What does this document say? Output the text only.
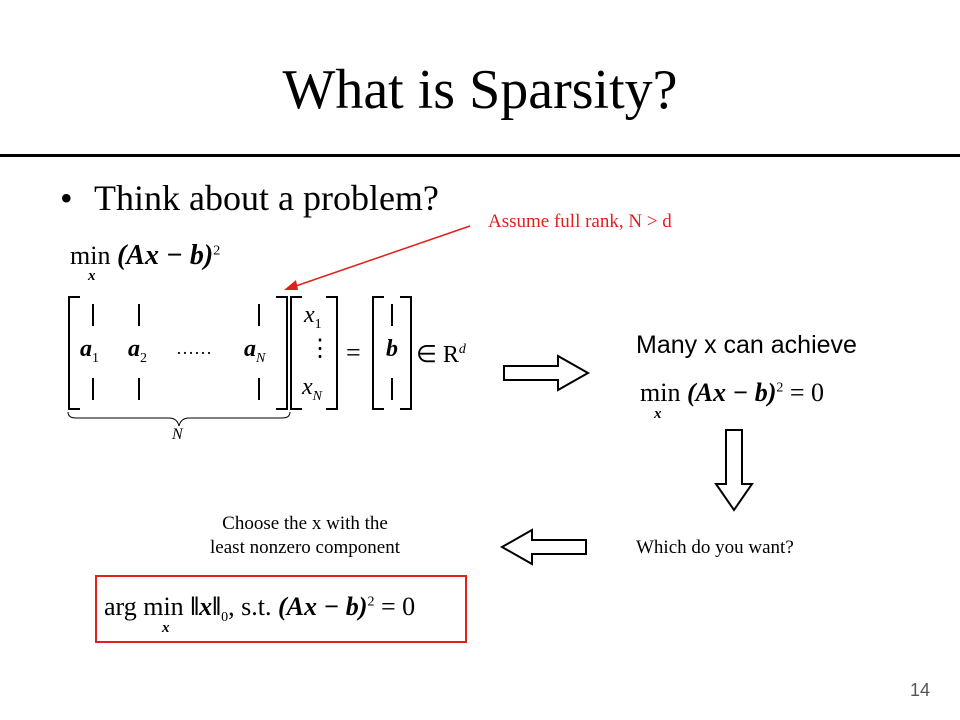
What is Sparsity?
• Think about a problem?
Assume full rank, N > d
$\min (Ax - b)^2$
x
$a_1$ $a_2$
…… $a_N$
N
$x_1$
⋮
$x_N$
= b ∈ $R^d$	Many x can achieve
$\min (Ax - b)^2 = 0$
x
Which do you want?
Choose the x with the
least nonzero component
arg $\min ‖x‖_0$, s.t. $(Ax - b)^2 = 0$
x
14
